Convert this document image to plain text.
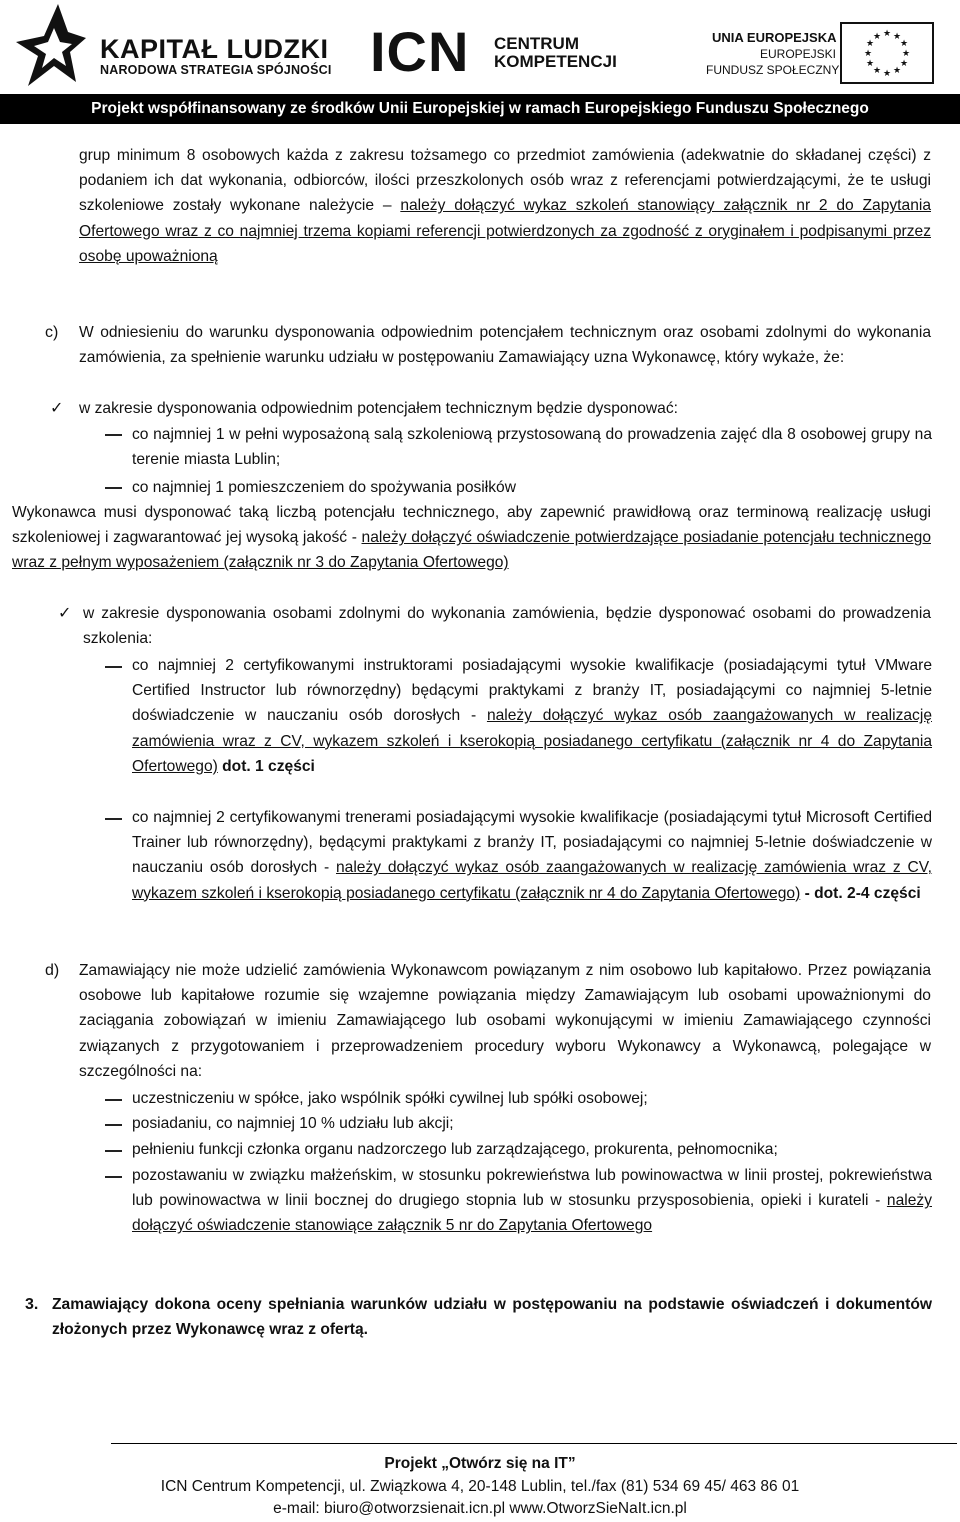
KAPITAŁ LUDZKI
NARODOWA STRATEGIA SPÓJNOŚCI ICN CENTRUM
KOMPETENCJI
UNIA EUROPEJSKA
EUROPEJSKI
FUNDUSZ SPOŁECZNY
★ ★
★
★
★
★
★
★
★
★
★
★
Projekt współfinansowany ze środków Unii Europejskiej w ramach Europejskiego Funduszu Społecznego
grup minimum 8 osobowych każda z zakresu tożsamego co przedmiot zamówienia (adekwatnie do składanej części) z podaniem ich dat wykonania, odbiorców, ilości przeszkolonych osób wraz z referencjami potwierdzającymi, że te usługi szkoleniowe zostały wykonane należycie – należy dołączyć wykaz szkoleń stanowiący załącznik nr 2 do Zapytania Ofertowego wraz z co najmniej trzema kopiami referencji potwierdzonych za zgodność z oryginałem i podpisanymi przez osobę upoważnioną
c) W odniesieniu do warunku dysponowania odpowiednim potencjałem technicznym oraz osobami zdolnymi do wykonania zamówienia, za spełnienie warunku udziału w postępowaniu Zamawiający uzna Wykonawcę, który wykaże, że:
✓ w zakresie dysponowania odpowiednim potencjałem technicznym będzie dysponować:
co najmniej 1 w pełni wyposażoną salą szkoleniową przystosowaną do prowadzenia zajęć dla 8 osobowej grupy na terenie miasta Lublin;
co najmniej 1 pomieszczeniem do spożywania posiłków
Wykonawca musi dysponować taką liczbą potencjału technicznego, aby zapewnić prawidłową oraz terminową realizację usługi szkoleniowej i zagwarantować jej wysoką jakość - należy dołączyć oświadczenie potwierdzające posiadanie potencjału technicznego wraz z pełnym wyposażeniem (załącznik nr 3 do Zapytania Ofertowego)
✓ w zakresie dysponowania osobami zdolnymi do wykonania zamówienia, będzie dysponować osobami do prowadzenia szkolenia:
co najmniej 2 certyfikowanymi instruktorami posiadającymi wysokie kwalifikacje (posiadającymi tytuł VMware Certified Instructor lub równorzędny) będącymi praktykami z branży IT, posiadającymi co najmniej 5-letnie doświadczenie w nauczaniu osób dorosłych - należy dołączyć wykaz osób zaangażowanych w realizację zamówienia wraz z CV, wykazem szkoleń i kserokopią posiadanego certyfikatu (załącznik nr 4 do Zapytania Ofertowego) dot. 1 części
co najmniej 2 certyfikowanymi trenerami posiadającymi wysokie kwalifikacje (posiadającymi tytuł Microsoft Certified Trainer lub równorzędny), będącymi praktykami z branży IT, posiadającymi co najmniej 5-letnie doświadczenie w nauczaniu osób dorosłych - należy dołączyć wykaz osób zaangażowanych w realizację zamówienia wraz z CV, wykazem szkoleń i kserokopią posiadanego certyfikatu (załącznik nr 4 do Zapytania Ofertowego) - dot. 2-4 części
d) Zamawiający nie może udzielić zamówienia Wykonawcom powiązanym z nim osobowo lub kapitałowo. Przez powiązania osobowe lub kapitałowe rozumie się wzajemne powiązania między Zamawiającym lub osobami upoważnionymi do zaciągania zobowiązań w imieniu Zamawiającego lub osobami wykonującymi w imieniu Zamawiającego czynności związanych z przygotowaniem i przeprowadzeniem procedury wyboru Wykonawcy a Wykonawcą, polegające w szczególności na:
uczestniczeniu w spółce, jako wspólnik spółki cywilnej lub spółki osobowej;
posiadaniu, co najmniej 10 % udziału lub akcji;
pełnieniu funkcji członka organu nadzorczego lub zarządzającego, prokurenta, pełnomocnika;
pozostawaniu w związku małżeńskim, w stosunku pokrewieństwa lub powinowactwa w linii prostej, pokrewieństwa lub powinowactwa w linii bocznej do drugiego stopnia lub w stosunku przysposobienia, opieki i kurateli - należy dołączyć oświadczenie stanowiące załącznik 5 nr do Zapytania Ofertowego
3. Zamawiający dokona oceny spełniania warunków udziału w postępowaniu na podstawie oświadczeń i dokumentów złożonych przez Wykonawcę wraz z ofertą.
Projekt „Otwórz się na IT”
ICN Centrum Kompetencji, ul. Związkowa 4, 20-148 Lublin, tel./fax (81) 534 69 45/ 463 86 01
e-mail: biuro@otworzsienait.icn.pl www.OtworzSieNaIt.icn.pl
